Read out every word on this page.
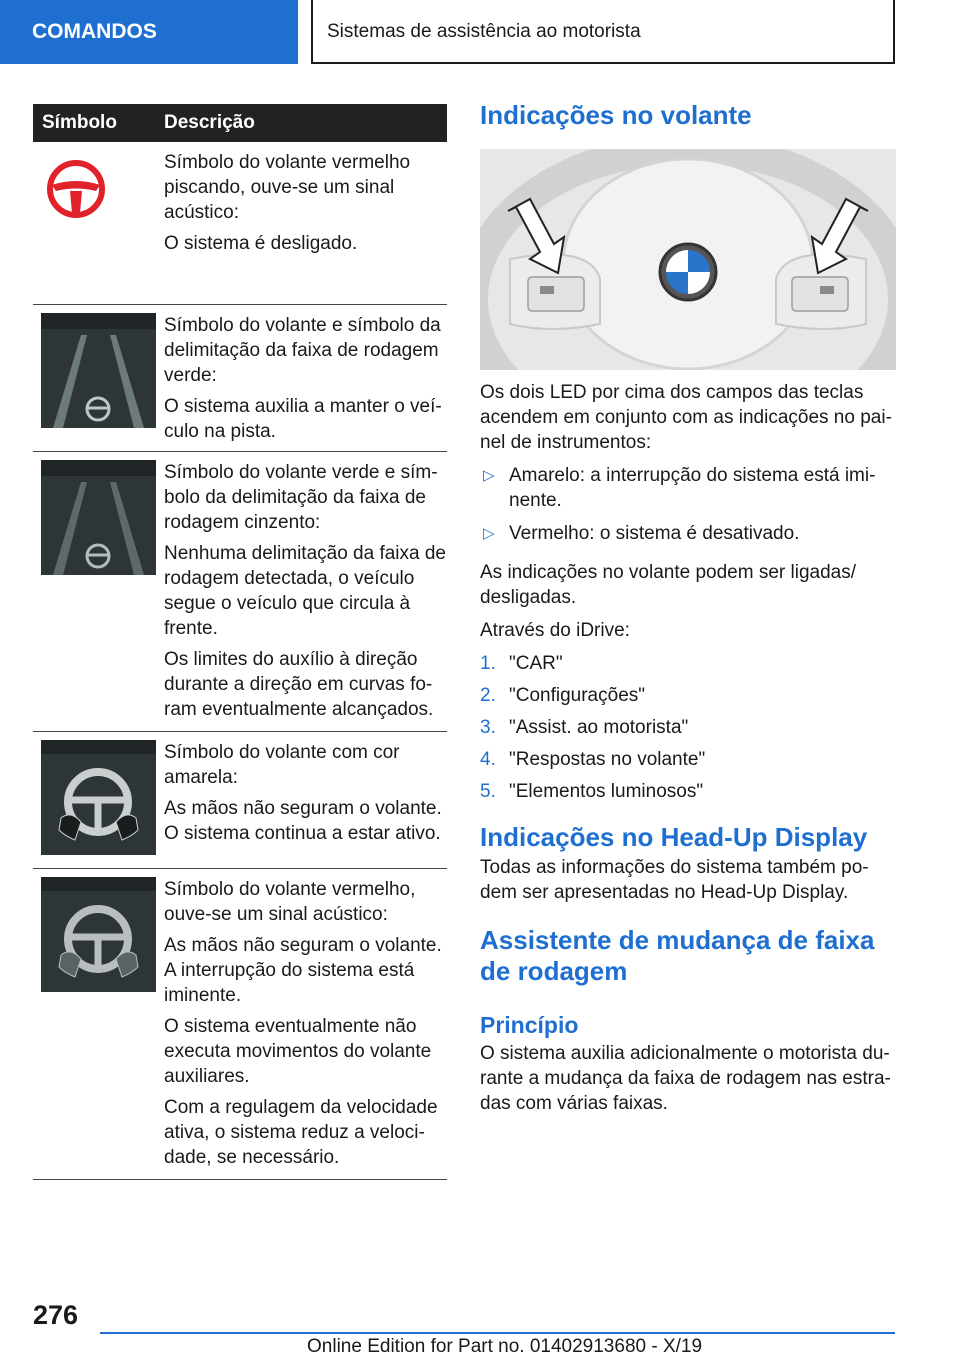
COMANDOS	Sistemas de assistência ao motorista
Símbolo	Descrição

Símbolo do volante vermelho piscando, ouve-se um sinal acústico:

O sistema é desligado.

Símbolo do volante e símbolo da delimitação da faixa de rodagem verde:

O sistema auxilia a manter o veí-culo na pista.

Símbolo do volante verde e sím-bolo da delimitação da faixa de rodagem cinzento:

Nenhuma delimitação da faixa de rodagem detectada, o veículo segue o veículo que circula à frente.

Os limites do auxílio à direção durante a direção em curvas fo-ram eventualmente alcançados.

Símbolo do volante com cor amarela:

As mãos não seguram o volante. O sistema continua a estar ativo.

Símbolo do volante vermelho, ouve-se um sinal acústico:

As mãos não seguram o volante. A interrupção do sistema está iminente.

O sistema eventualmente não executa movimentos do volante auxiliares.

Com a regulagem da velocidade ativa, o sistema reduz a veloci-dade, se necessário.

Indicações no volante

Os dois LED por cima dos campos das teclas acendem em conjunto com as indicações no pai-nel de instrumentos:

▷ Amarelo: a interrupção do sistema está imi-nente.
▷ Vermelho: o sistema é desativado.

As indicações no volante podem ser ligadas/ desligadas.

Através do iDrive:

1. "CAR"
2. "Configurações"
3. "Assist. ao motorista"
4. "Respostas no volante"
5. "Elementos luminosos"
Indicações no Head-Up Display

Todas as informações do sistema também po-dem ser apresentadas no Head-Up Display.

Assistente de mudança de faixa de rodagem
Princípio

O sistema auxilia adicionalmente o motorista du-rante a mudança da faixa de rodagem nas estra-das com várias faixas.

276
Online Edition for Part no. 01402913680 - X/19
